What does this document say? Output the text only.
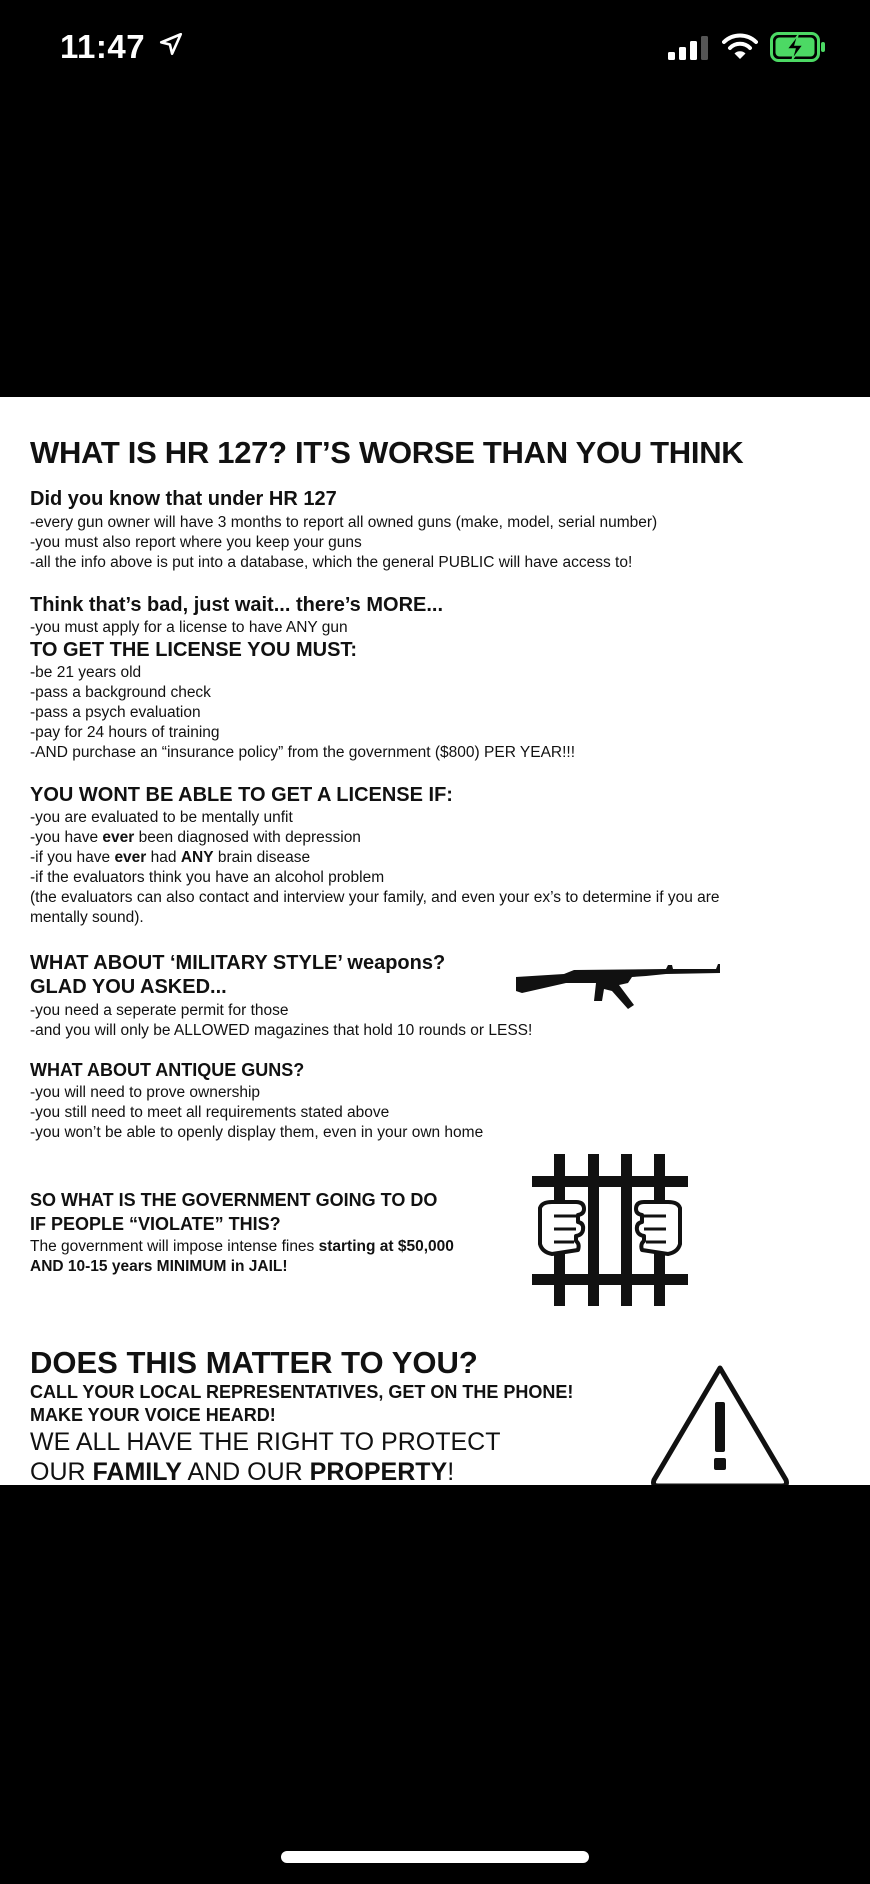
11:47

WHAT IS HR 127? IT’S WORSE THAN YOU THINK

Did you know that under HR 127

-every gun owner will have 3 months to report all owned guns (make, model, serial number)

-you must also report where you keep your guns

-all the info above is put into a database, which the general PUBLIC will have access to!

Think that’s bad, just wait... there’s MORE...

-you must apply for a license to have ANY gun

TO GET THE LICENSE YOU MUST:

-be 21 years old

-pass a background check

-pass a psych evaluation

-pay for 24 hours of training

-AND purchase an “insurance policy” from the government ($800) PER YEAR!!!

YOU WONT BE ABLE TO GET A LICENSE IF:

-you are evaluated to be mentally unfit

-you have ever been diagnosed with depression

-if you have ever had ANY brain disease

-if the evaluators think you have an alcohol problem

(the evaluators can also contact and interview your family, and even your ex’s to determine if you are

mentally sound).

WHAT ABOUT ‘MILITARY STYLE’ weapons?

GLAD YOU ASKED...

-you need a seperate permit for those

-and you will only be ALLOWED magazines that hold 10 rounds or LESS!

WHAT ABOUT ANTIQUE GUNS?

-you will need to prove ownership

-you still need to meet all requirements stated above

-you won’t be able to openly display them, even in your own home

SO WHAT IS THE GOVERNMENT GOING TO DO

IF PEOPLE “VIOLATE” THIS?

The government will impose intense fines starting at $50,000

AND 10-15 years MINIMUM in JAIL!

DOES THIS MATTER TO YOU?

CALL YOUR LOCAL REPRESENTATIVES, GET ON THE PHONE!

MAKE YOUR VOICE HEARD!

WE ALL HAVE THE RIGHT TO PROTECT

OUR FAMILY AND OUR PROPERTY!
